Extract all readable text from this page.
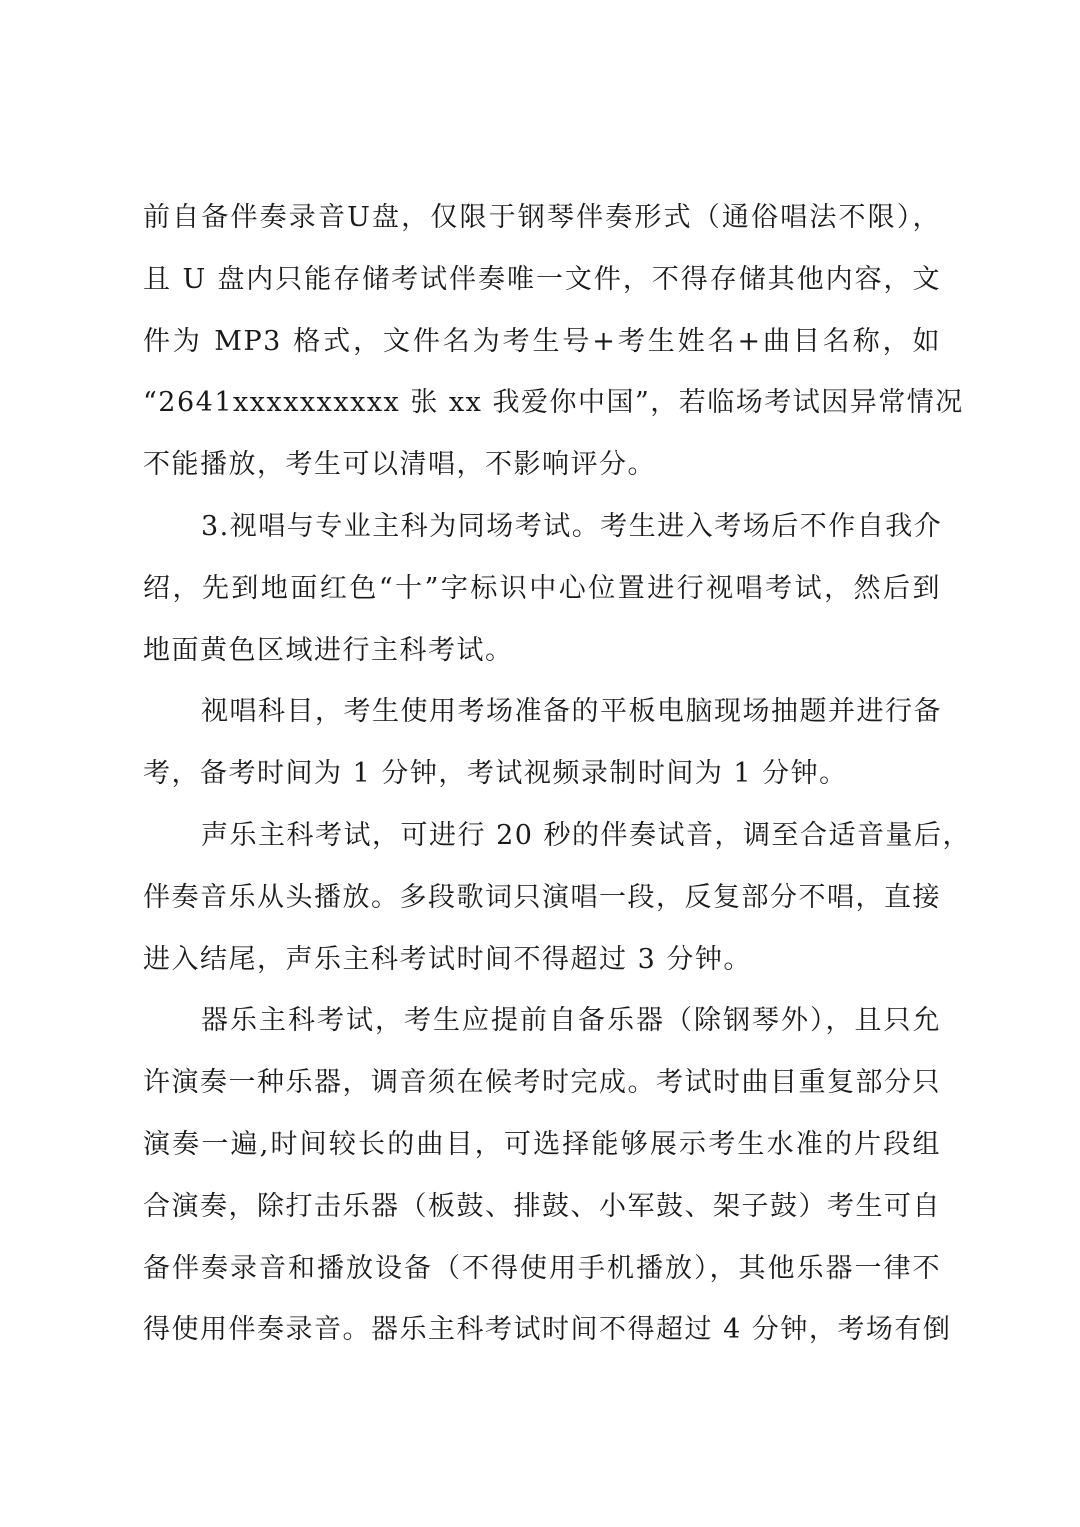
前自备伴奏录音U盘，仅限于钢琴伴奏形式（通俗唱法不限），
且 U 盘内只能存储考试伴奏唯一文件，不得存储其他内容，文
件为 MP3 格式，文件名为考生号+考生姓名+曲目名称，如
“2641xxxxxxxxxx 张 xx 我爱你中国”，若临场考试因异常情况
不能播放，考生可以清唱，不影响评分。
3.视唱与专业主科为同场考试。考生进入考场后不作自我介
绍，先到地面红色“十”字标识中心位置进行视唱考试，然后到
地面黄色区域进行主科考试。
视唱科目，考生使用考场准备的平板电脑现场抽题并进行备
考，备考时间为 1 分钟，考试视频录制时间为 1 分钟。
声乐主科考试，可进行 20 秒的伴奏试音，调至合适音量后，
伴奏音乐从头播放。多段歌词只演唱一段，反复部分不唱，直接
进入结尾，声乐主科考试时间不得超过 3 分钟。
器乐主科考试，考生应提前自备乐器（除钢琴外），且只允
许演奏一种乐器，调音须在候考时完成。考试时曲目重复部分只
演奏一遍,时间较长的曲目，可选择能够展示考生水准的片段组
合演奏，除打击乐器（板鼓、排鼓、小军鼓、架子鼓）考生可自
备伴奏录音和播放设备（不得使用手机播放），其他乐器一律不
得使用伴奏录音。器乐主科考试时间不得超过 4 分钟，考场有倒
